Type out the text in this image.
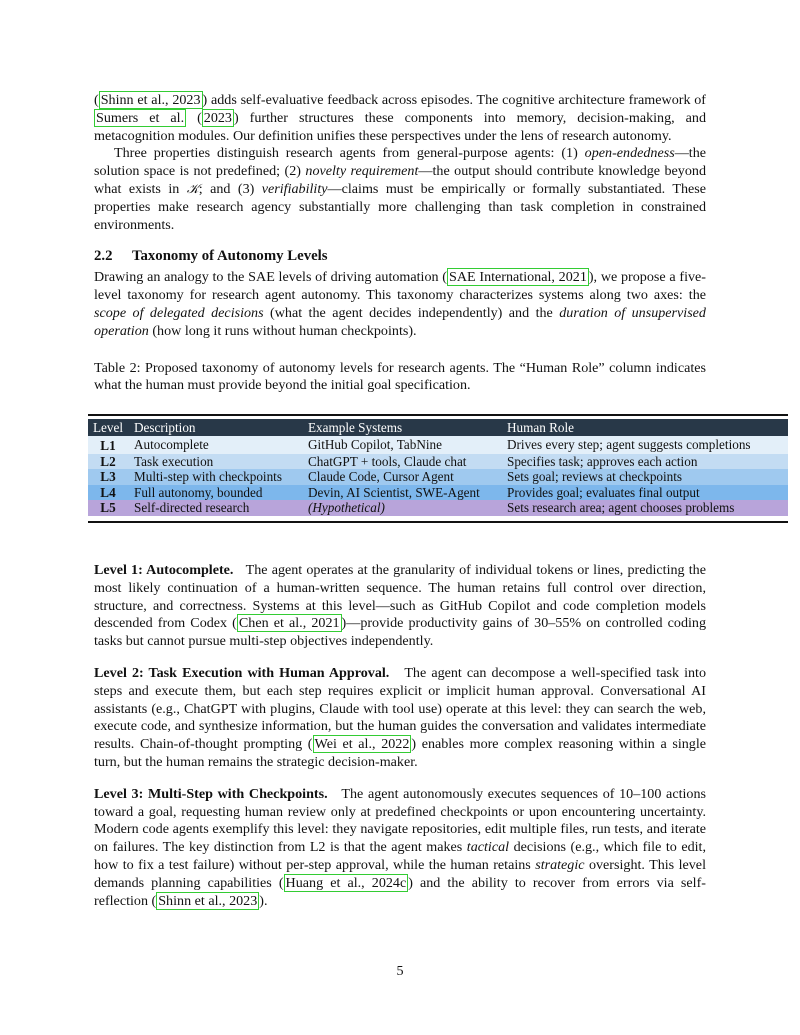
( Shinn et al., 2023 ) adds self-evaluative feedback across episodes. The cognitive architecture framework of Sumers et al. ( 2023 ) further structures these components into memory, decision-making, and metacognition modules. Our definition unifies these perspectives under the lens of research autonomy.

Three properties distinguish research agents from general-purpose agents: (1) open-endedness—the solution space is not predefined; (2) novelty requirement—the output should contribute knowledge beyond what exists in 𝒦; and (3) verifiability—claims must be empirically or formally substantiated. These properties make research agency substantially more challenging than task completion in constrained environments.

2.2 Taxonomy of Autonomy Levels

Drawing an analogy to the SAE levels of driving automation ( SAE International, 2021 ), we propose a five-level taxonomy for research agent autonomy. This taxonomy characterizes systems along two axes: the scope of delegated decisions (what the agent decides independently) and the duration of unsupervised operation (how long it runs without human checkpoints).

Table 2: Proposed taxonomy of autonomy levels for research agents. The “Human Role” column indicates what the human must provide beyond the initial goal specification.

Level	Description	Example Systems	Human Role
L1	Autocomplete	GitHub Copilot, TabNine	Drives every step; agent suggests completions
L2	Task execution	ChatGPT + tools, Claude chat	Specifies task; approves each action
L3	Multi-step with checkpoints	Claude Code, Cursor Agent	Sets goal; reviews at checkpoints
L4	Full autonomy, bounded	Devin, AI Scientist, SWE-Agent	Provides goal; evaluates final output
L5	Self-directed research	(Hypothetical)	Sets research area; agent chooses problems

Level 1: Autocomplete. The agent operates at the granularity of individual tokens or lines, predicting the most likely continuation of a human-written sequence. The human retains full control over direction, structure, and correctness. Systems at this level—such as GitHub Copilot and code completion models descended from Codex ( Chen et al., 2021 )—provide productivity gains of 30–55% on controlled coding tasks but cannot pursue multi-step objectives independently.

Level 2: Task Execution with Human Approval. The agent can decompose a well-specified task into steps and execute them, but each step requires explicit or implicit human approval. Conversational AI assistants (e.g., ChatGPT with plugins, Claude with tool use) operate at this level: they can search the web, execute code, and synthesize information, but the human guides the conversation and validates intermediate results. Chain-of-thought prompting ( Wei et al., 2022 ) enables more complex reasoning within a single turn, but the human remains the strategic decision-maker.

Level 3: Multi-Step with Checkpoints. The agent autonomously executes sequences of 10–100 actions toward a goal, requesting human review only at predefined checkpoints or upon encountering uncertainty. Modern code agents exemplify this level: they navigate repositories, edit multiple files, run tests, and iterate on failures. The key distinction from L2 is that the agent makes tactical decisions (e.g., which file to edit, how to fix a test failure) without per-step approval, while the human retains strategic oversight. This level demands planning capabilities ( Huang et al., 2024c ) and the ability to recover from errors via self-reflection ( Shinn et al., 2023 ).

5
